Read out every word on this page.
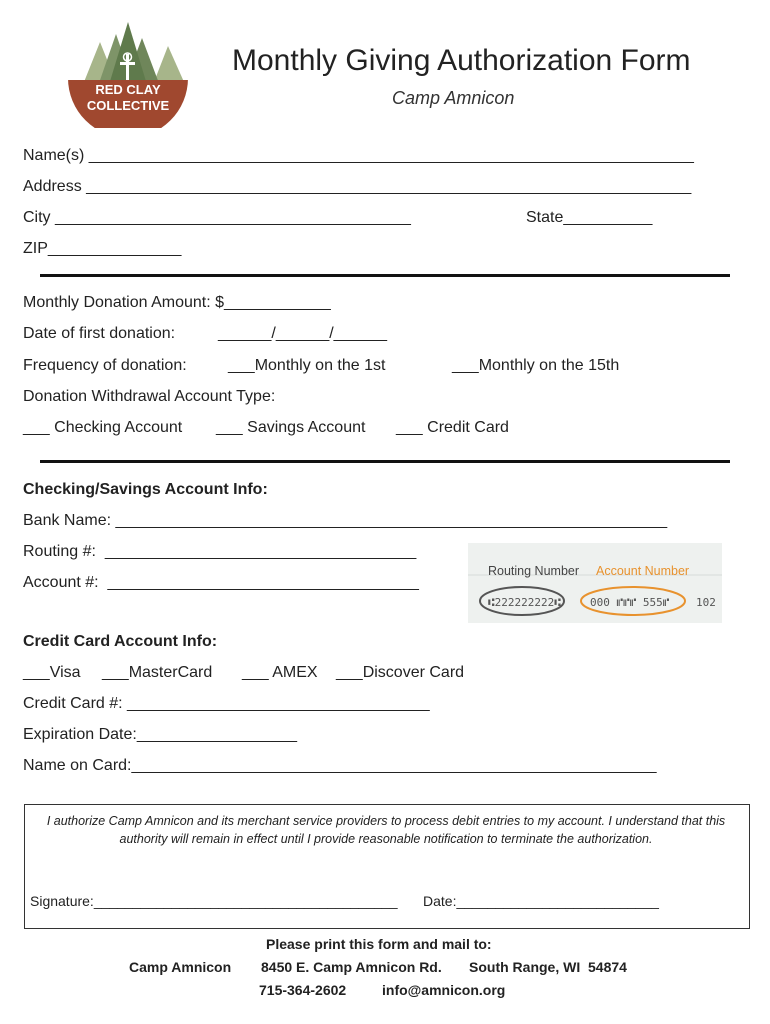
RED CLAY
COLLECTIVE
Monthly Giving Authorization Form
Camp Amnicon
Name(s) ____________________________________________________________________
Address ____________________________________________________________________
City ________________________________________	State__________
ZIP_______________
Monthly Donation Amount: $____________
Date of first donation:	______/______/______
Frequency of donation:	___Monthly on the 1st	___Monthly on the 15th
Donation Withdrawal Account Type:
___ Checking Account ___ Savings Account ___ Credit Card
Checking/Savings Account Info:
Bank Name: ______________________________________________________________
Routing #:  ___________________________________
Account #:  ___________________________________
Routing Number Account Number
⑆222222222⑆	000 ⑈⑈⑈ 555⑈ 102
Credit Card Account Info:
___Visa ___MasterCard ___ AMEX ___Discover Card
Credit Card #: __________________________________
Expiration Date:__________________
Name on Card:___________________________________________________________
I authorize Camp Amnicon and its merchant service providers to process debit entries to my account. I understand that this authority will remain in effect until I provide reasonable notification to terminate the authorization.
Signature:_______________________________________ Date:__________________________
Please print this form and mail to:
Camp Amnicon 8450 E. Camp Amnicon Rd. South Range, WI  54874
715-364-2602	info@amnicon.org
